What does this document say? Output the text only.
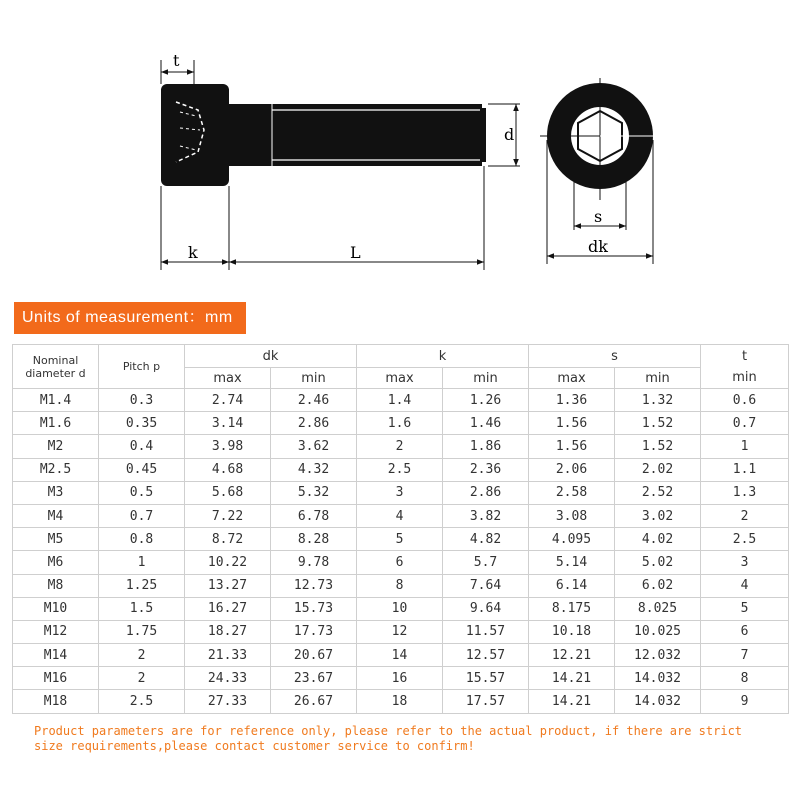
t
k	L
d
s
dk
Units of measurement：mm
Nominal diameter d	Pitch p	dk		k		s		t
		max	min	max	min	max	min	min
M1.4	0.3	2.74	2.46	1.4	1.26	1.36	1.32	0.6
M1.6	0.35	3.14	2.86	1.6	1.46	1.56	1.52	0.7
M2	0.4	3.98	3.62	2	1.86	1.56	1.52	1
M2.5	0.45	4.68	4.32	2.5	2.36	2.06	2.02	1.1
M3	0.5	5.68	5.32	3	2.86	2.58	2.52	1.3
M4	0.7	7.22	6.78	4	3.82	3.08	3.02	2
M5	0.8	8.72	8.28	5	4.82	4.095	4.02	2.5
M6	1	10.22	9.78	6	5.7	5.14	5.02	3
M8	1.25	13.27	12.73	8	7.64	6.14	6.02	4
M10	1.5	16.27	15.73	10	9.64	8.175	8.025	5
M12	1.75	18.27	17.73	12	11.57	10.18	10.025	6
M14	2	21.33	20.67	14	12.57	12.21	12.032	7
M16	2	24.33	23.67	16	15.57	14.21	14.032	8
M18	2.5	27.33	26.67	18	17.57	14.21	14.032	9
Product parameters are for reference only, please refer to the actual product, if there are strict size requirements,please contact customer service to confirm!
